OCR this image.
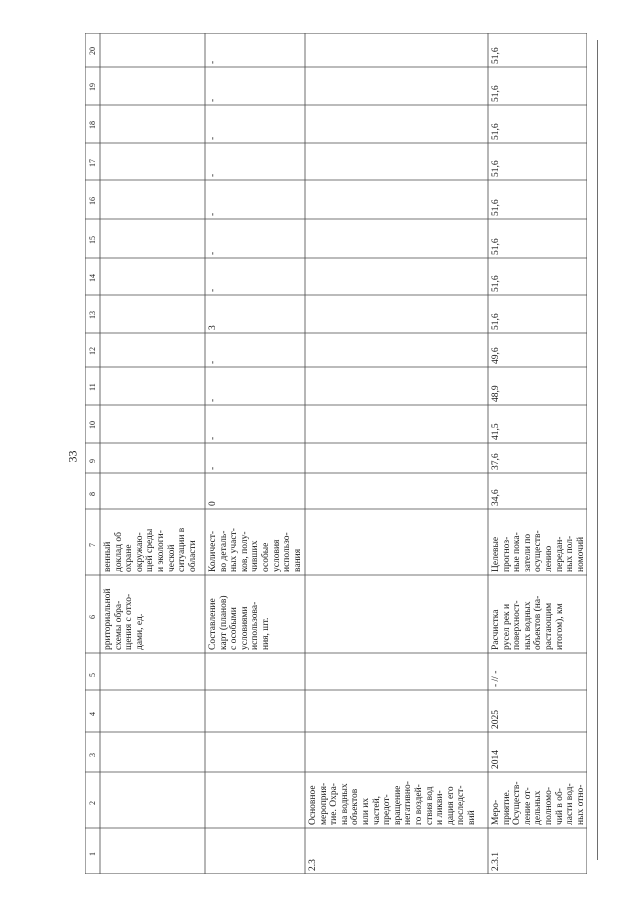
33
1
2
3
4
5
6
7
8
9
10
11
12
13
14
15
16
17
18
19
20
рриториальной
схемы обра-
щения с отхо-
дами, ед.
венный
доклад об
охране
окружаю-
щей среды
и экологи-
ческой
ситуации в
области
Составление
карт (планов)
с особыми
условиями
использова-
ния, шт.
Количест-
во деталь-
ных участ-
ков, полу-
чивших
особые
условия
использо-
вания
0
-
-
-
-
3
-
-
-
-
-
-
-
2.3
Основное
мероприя-
тие. Охра-
на водных
объектов
или их
частей,
предот-
вращение
негативно-
го воздей-
ствия вод
и ликви-
дация его
последст-
вий
2.3.1
Меро-
приятие.
Осуществ-
ление от-
дельных
полномо-
чий в об-
ласти вод-
ных отно-
2014
2025
- // -
Расчистка
русел рек и
поверхност-
ных водных
объектов (на-
растающим
итогом), км
Целевые
прогноз-
ные пока-
затели по
осуществ-
лению
передан-
ных пол-
номочий
34,6
37,6
41,5
48,9
49,6
51,6
51,6
51,6
51,6
51,6
51,6
51,6
51,6
